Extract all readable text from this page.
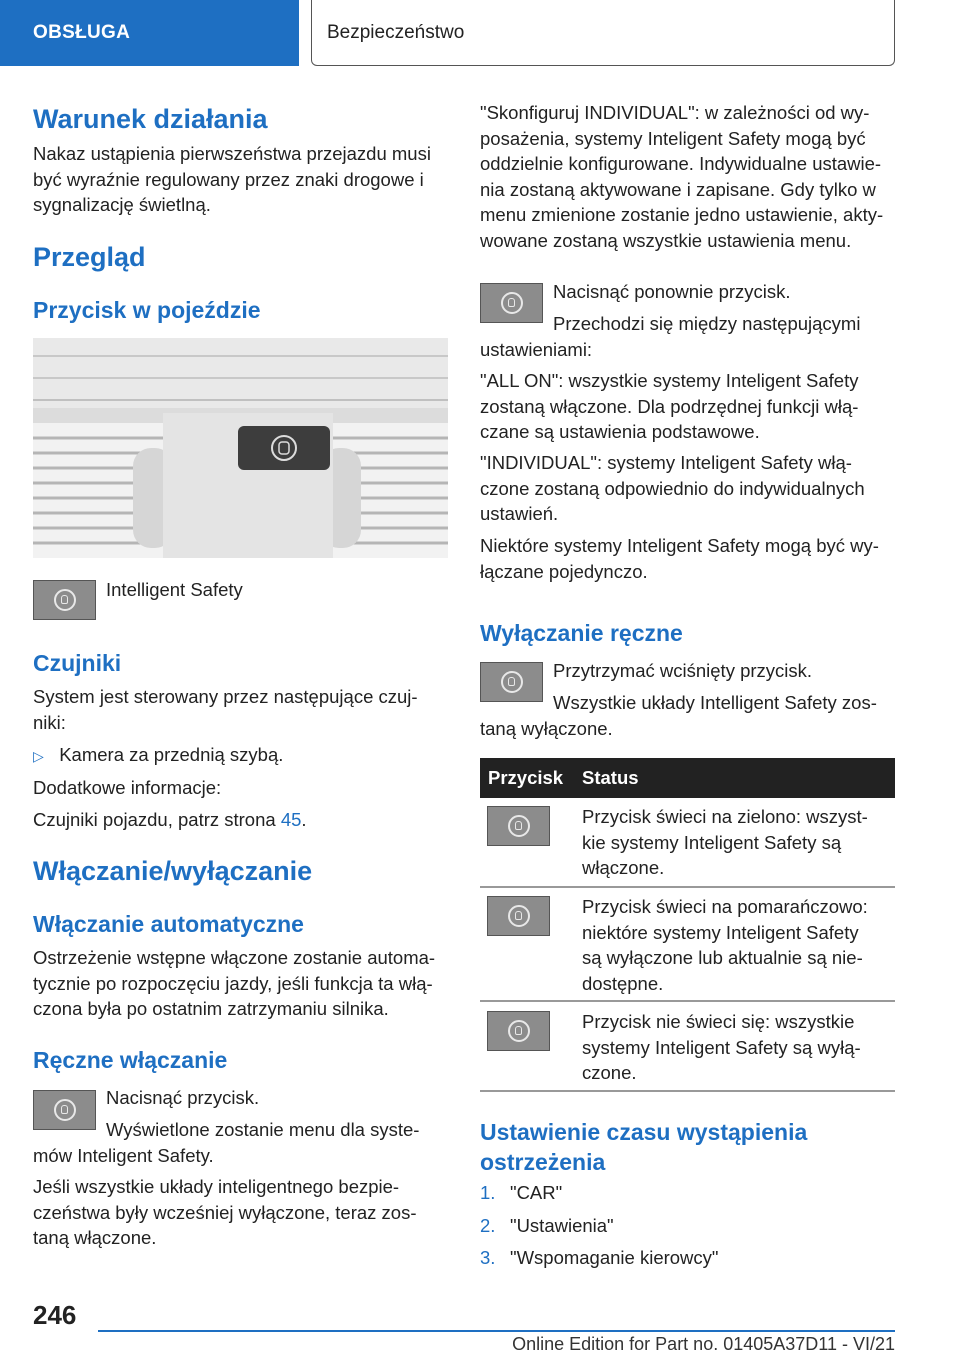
OBSŁUGA	Bezpieczeństwo
Warunek działania

Nakaz ustąpienia pierwszeństwa przejazdu musi

być wyraźnie regulowany przez znaki drogowe i

sygnalizację świetlną.

Przegląd
Przycisk w pojeździe

Intelligent Safety

Czujniki

System jest sterowany przez następujące czuj-

niki:

▷ Kamera za przednią szybą.

Dodatkowe informacje:

Czujniki pojazdu, patrz strona 45.

Włączanie/wyłączanie
Włączanie automatyczne

Ostrzeżenie wstępne włączone zostanie automa-

tycznie po rozpoczęciu jazdy, jeśli funkcja ta włą-

czona była po ostatnim zatrzymaniu silnika.

Ręczne włączanie

Nacisnąć przycisk.

Wyświetlone zostanie menu dla syste-

mów Inteligent Safety.

Jeśli wszystkie układy inteligentnego bezpie-

czeństwa były wcześniej wyłączone, teraz zos-

taną włączone.

"Skonfiguruj INDIVIDUAL": w zależności od wy-

posażenia, systemy Inteligent Safety mogą być

oddzielnie konfigurowane. Indywidualne ustawie-

nia zostaną aktywowane i zapisane. Gdy tylko w

menu zmienione zostanie jedno ustawienie, akty-

wowane zostaną wszystkie ustawienia menu.

Nacisnąć ponownie przycisk.

Przechodzi się między następującymi

ustawieniami:

"ALL ON": wszystkie systemy Inteligent Safety

zostaną włączone. Dla podrzędnej funkcji włą-

czane są ustawienia podstawowe.

"INDIVIDUAL": systemy Inteligent Safety włą-

czone zostaną odpowiednio do indywidualnych

ustawień.

Niektóre systemy Inteligent Safety mogą być wy-

łączane pojedynczo.

Wyłączanie ręczne

Przytrzymać wciśnięty przycisk.

Wszystkie układy Intelligent Safety zos-

taną wyłączone.

Przycisk Status

Przycisk świeci na zielono: wszyst-

kie systemy Inteligent Safety są

włączone.

Przycisk świeci na pomarańczowo:

niektóre systemy Inteligent Safety

są wyłączone lub aktualnie są nie-

dostępne.

Przycisk nie świeci się: wszystkie

systemy Inteligent Safety są wyłą-

czone.

Ustawienie czasu wystąpienia
ostrzeżenia

1. "CAR"

2. "Ustawienia"

3. "Wspomaganie kierowcy"

246
Online Edition for Part no. 01405A37D11 - VI/21
